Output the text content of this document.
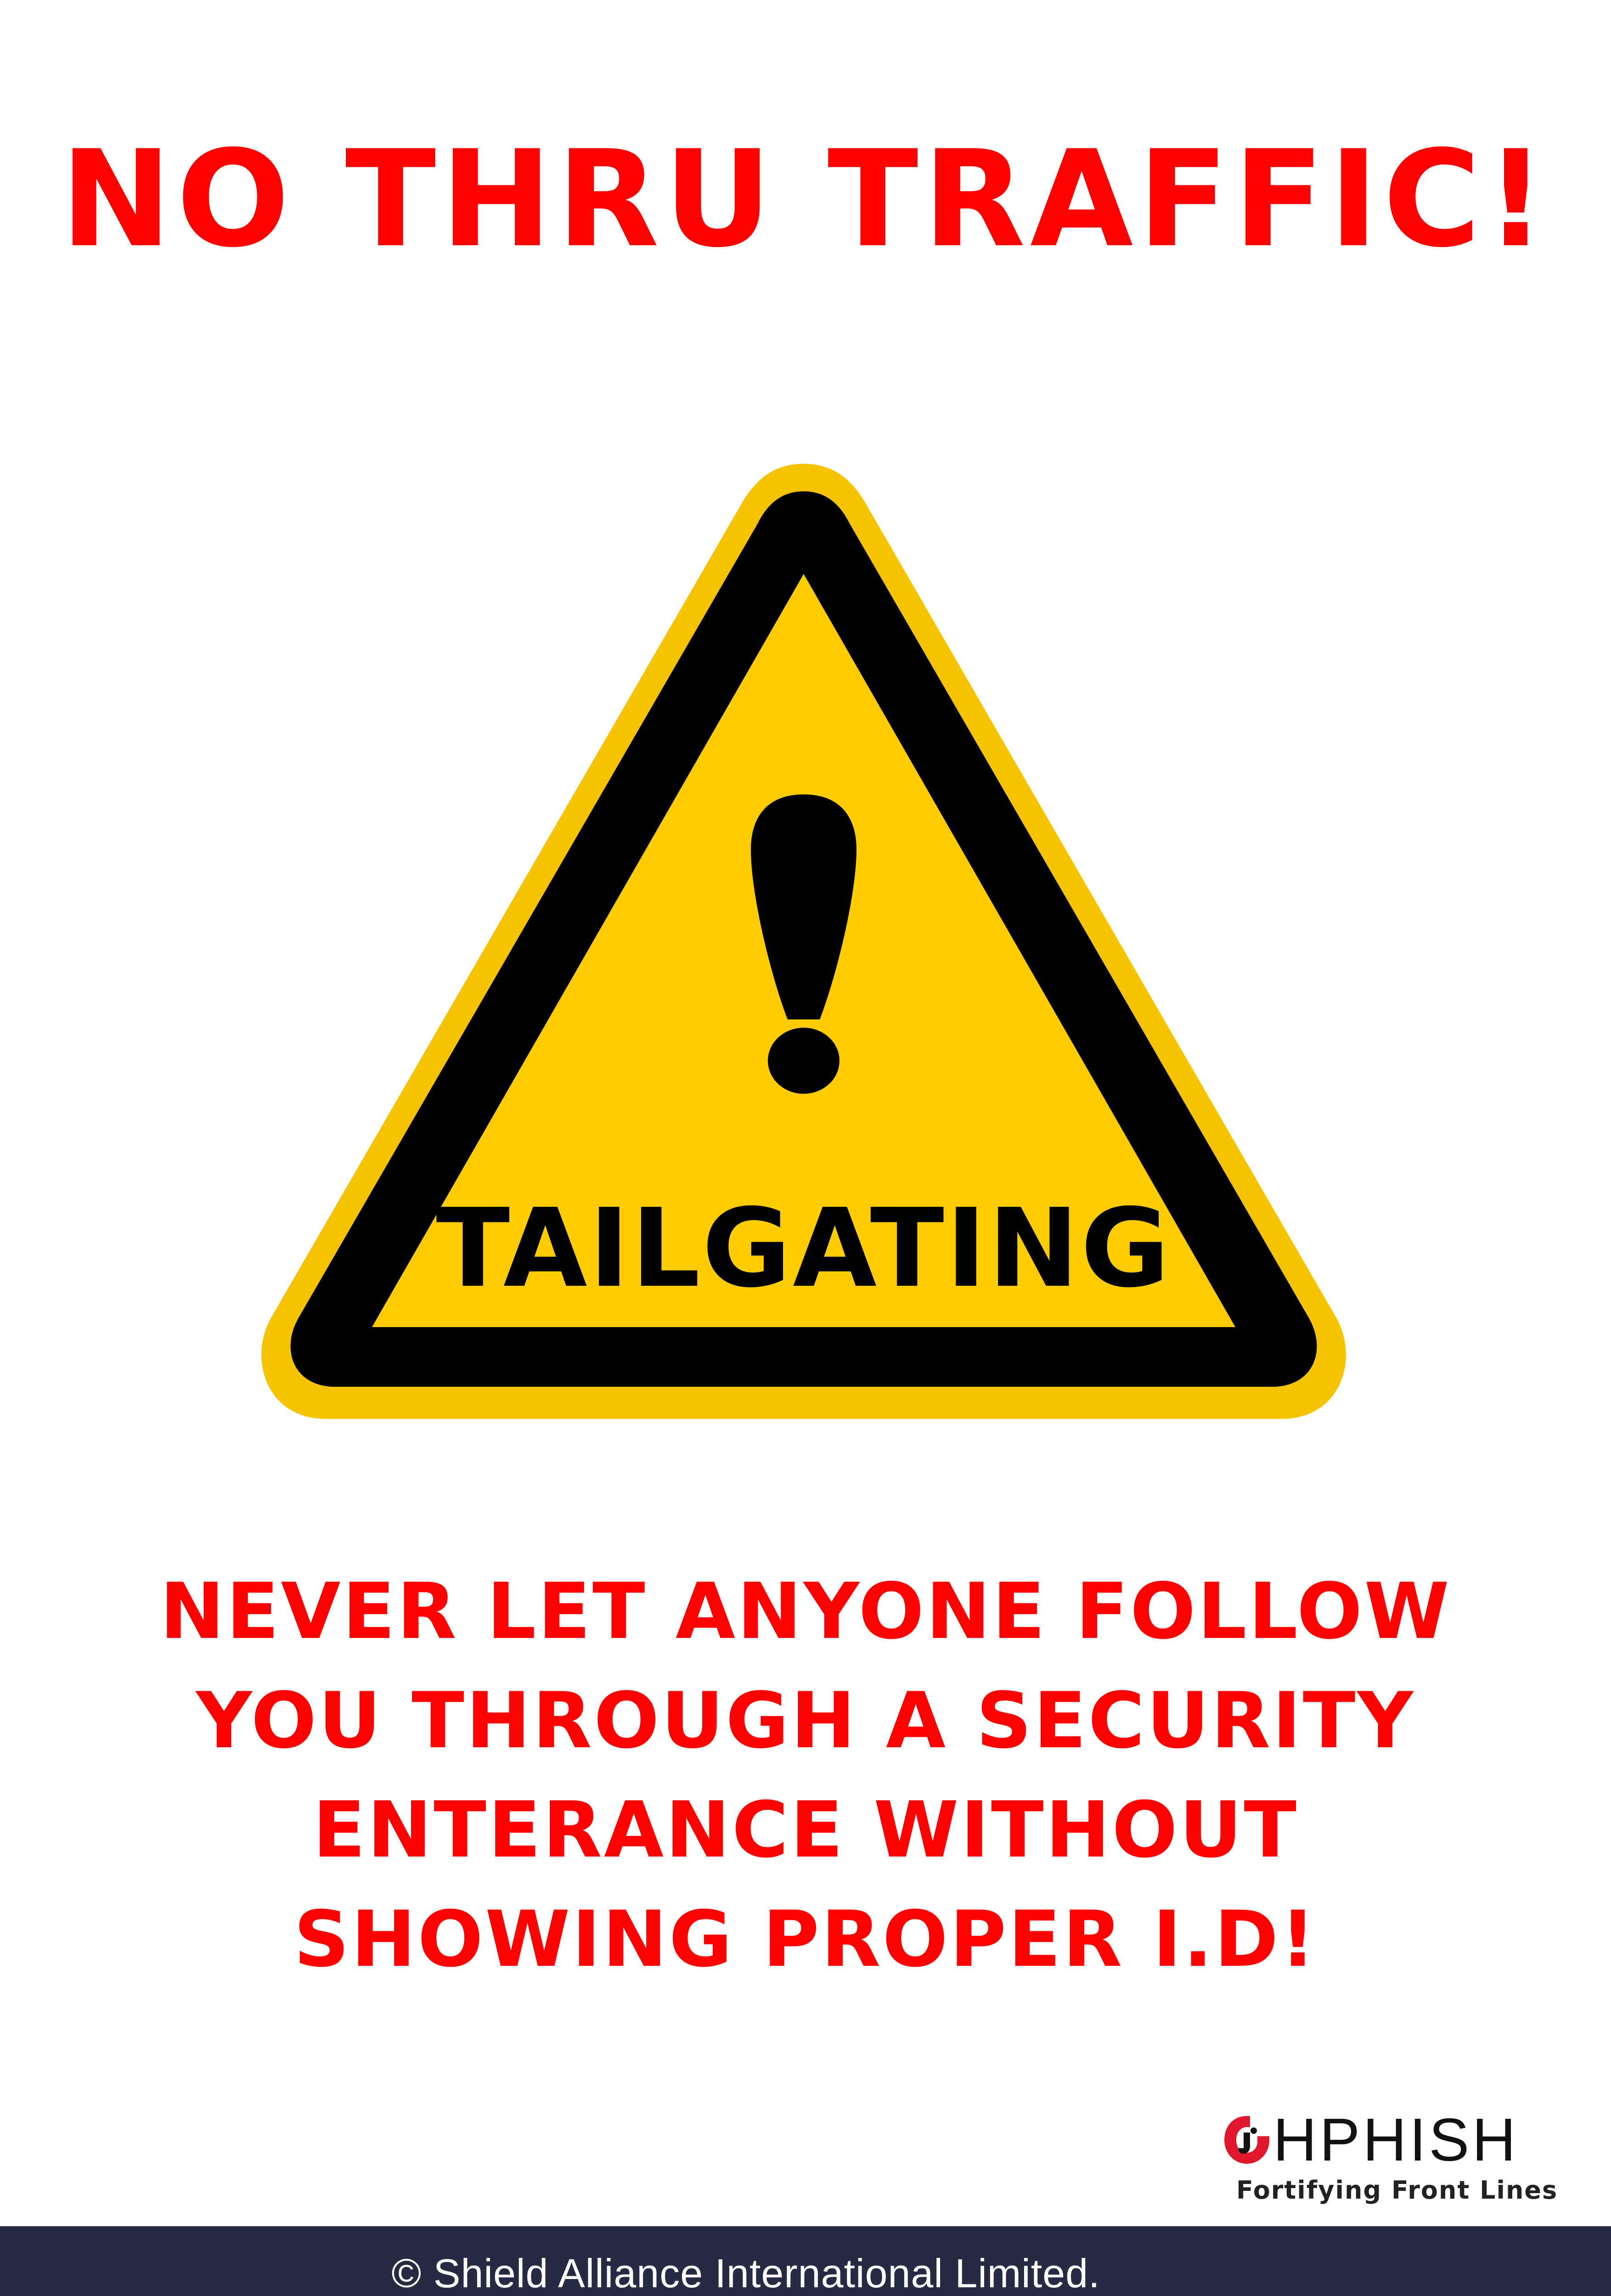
NO THRU TRAFFIC!
TAILGATING
NEVER LET ANYONE FOLLOW
YOU THROUGH A SECURITY
ENTERANCE WITHOUT
SHOWING PROPER I.D!
HPHISH
Fortifying Front Lines
© Shield Alliance International Limited.
